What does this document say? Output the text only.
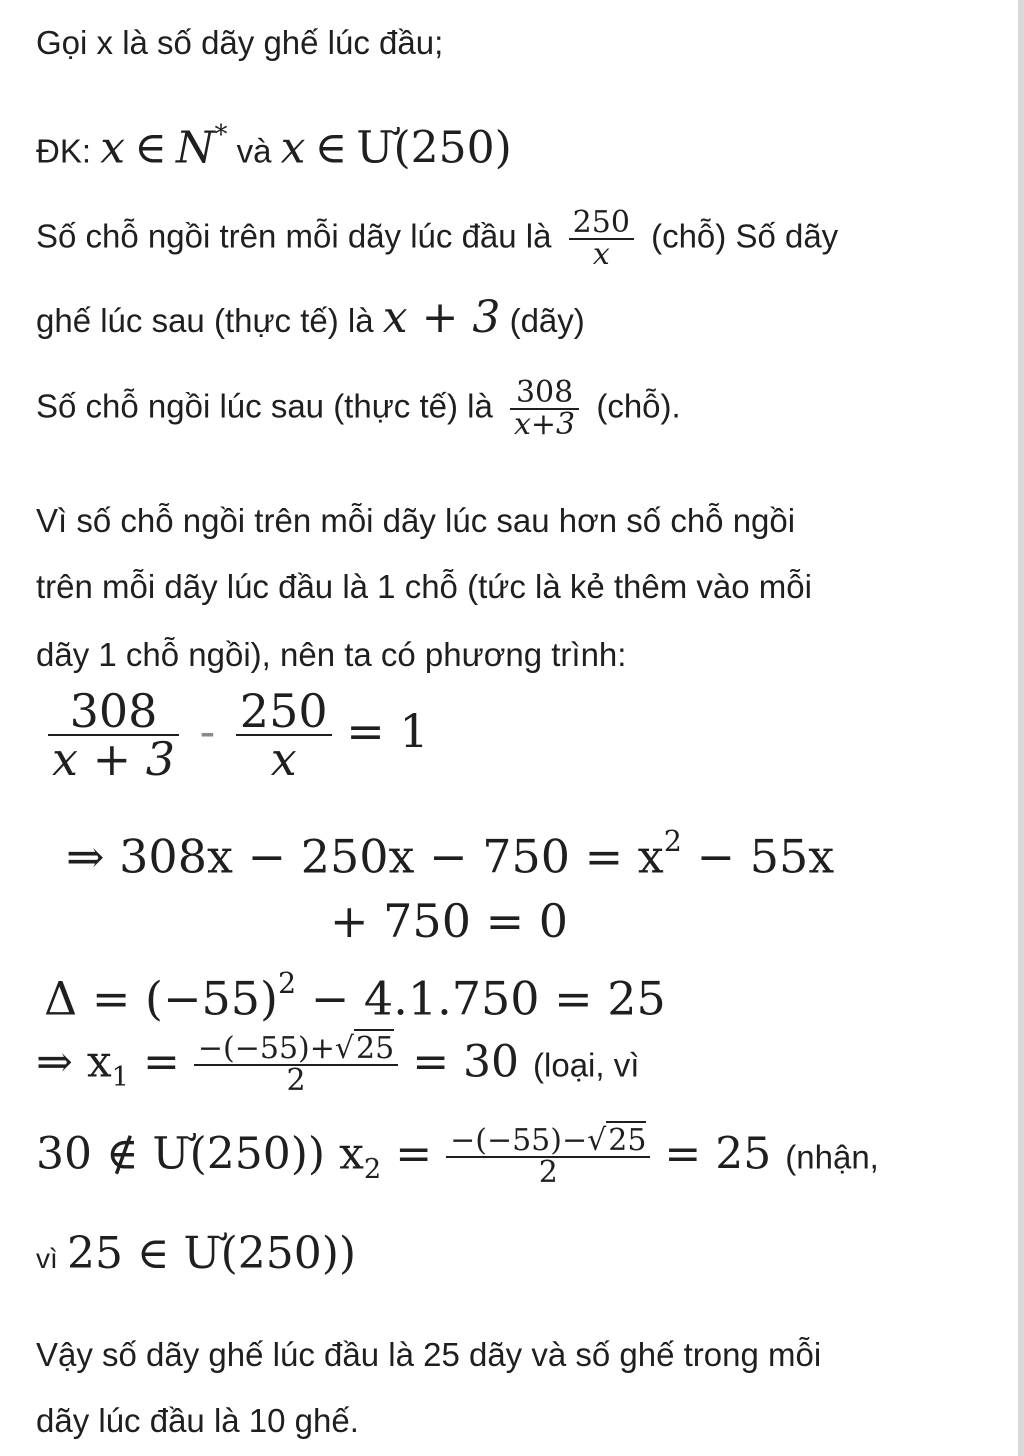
Gọi x là số dãy ghế lúc đầu;
ĐK: x ∈ N* và x ∈ Ư(250)
Số chỗ ngồi trên mỗi dãy lúc đầu là $\frac{250}{x}$ (chỗ) Số dãy
ghế lúc sau (thực tế) là x + 3 (dãy)
Số chỗ ngồi lúc sau (thực tế) là $\frac{308}{x+3}$ (chỗ).
Vì số chỗ ngồi trên mỗi dãy lúc sau hơn số chỗ ngồi
trên mỗi dãy lúc đầu là 1 chỗ (tức là kẻ thêm vào mỗi
dãy 1 chỗ ngồi), nên ta có phương trình:
$\frac{308}{x + 3} - \frac{250}{x} = 1$
⇒ $308x - 250x - 750 = x^2 - 55x$
+ 750 = 0
$\Delta = (-55)^2 - 4.1.750 = 25$
⇒ $x_1 = \frac{-(-55)+√25}{2} = 30$ (loại, vì
30 ∉ Ư(250)) $x_2 = \frac{-(-55)-√25}{2} = 25$ (nhận,
vì 25 ∈ Ư(250))
Vậy số dãy ghế lúc đầu là 25 dãy và số ghế trong mỗi
dãy lúc đầu là 10 ghế.
